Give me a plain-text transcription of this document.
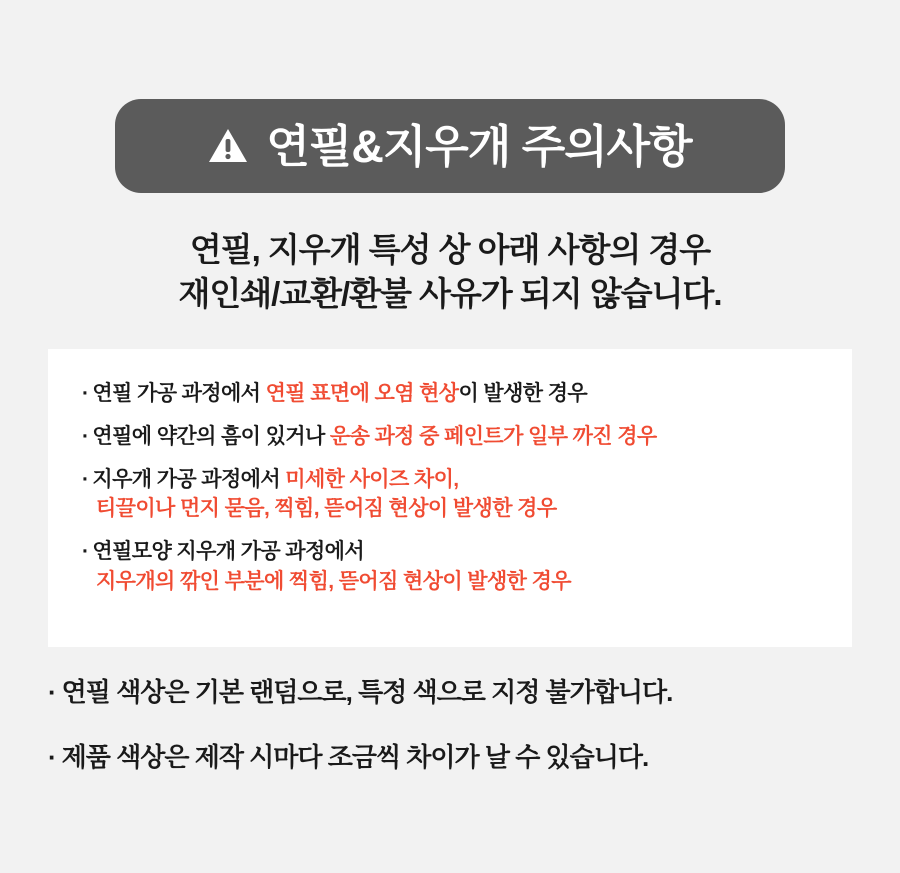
연필&지우개 주의사항
연필, 지우개 특성 상 아래 사항의 경우
재인쇄/교환/환불 사유가 되지 않습니다.
· 연필 가공 과정에서 연필 표면에 오염 현상이 발생한 경우
· 연필에 약간의 흠이 있거나 운송 과정 중 페인트가 일부 까진 경우
· 지우개 가공 과정에서 미세한 사이즈 차이,
티끌이나 먼지 묻음, 찍힘, 뜯어짐 현상이 발생한 경우
· 연필모양 지우개 가공 과정에서
지우개의 깎인 부분에 찍힘, 뜯어짐 현상이 발생한 경우
· 연필 색상은 기본 랜덤으로, 특정 색으로 지정 불가합니다.
· 제품 색상은 제작 시마다 조금씩 차이가 날 수 있습니다.
